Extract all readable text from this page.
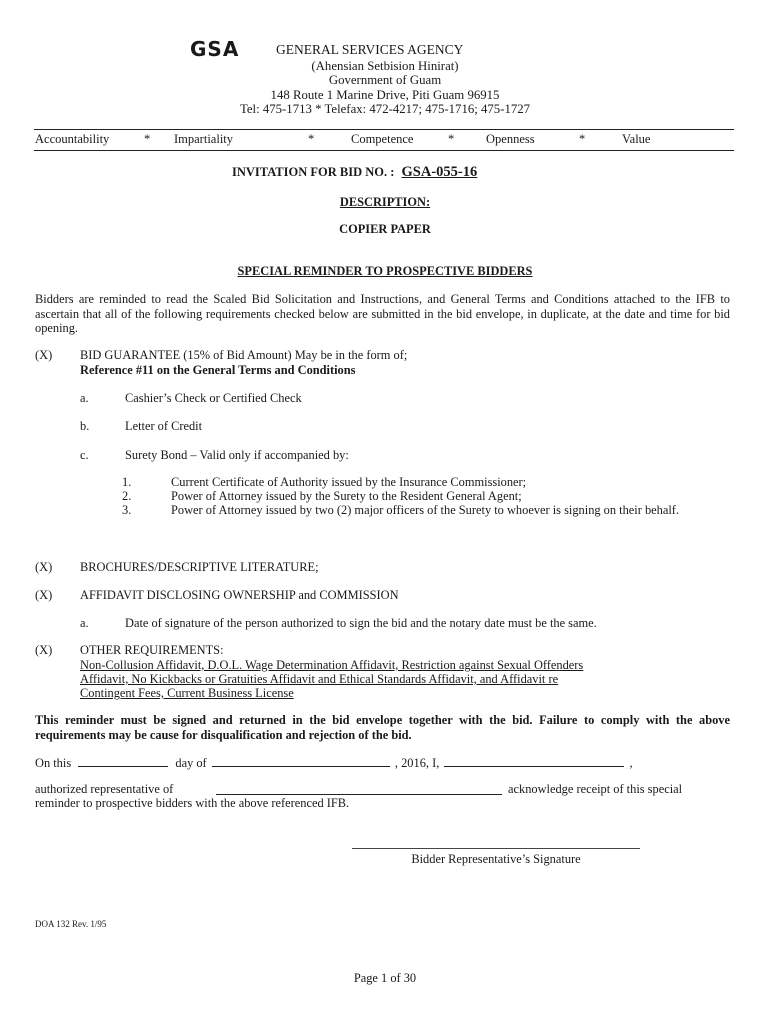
GSA	GENERAL SERVICES AGENCY
(Ahensian Setbision Hinirat)
Government of Guam
148 Route 1 Marine Drive, Piti Guam 96915
Tel: 475-1713 * Telefax: 472-4217; 475-1716; 475-1727
Accountability	* Impartiality	*	Competence	*	Openness	*	Value
INVITATION FOR BID NO. : GSA-055-16
DESCRIPTION:
COPIER PAPER
SPECIAL REMINDER TO PROSPECTIVE BIDDERS
Bidders are reminded to read the Scaled Bid Solicitation and Instructions, and General Terms and Conditions attached to the IFB to ascertain that all of the following requirements checked below are submitted in the bid envelope, in duplicate, at the date and time for bid opening.
(X) BID GUARANTEE (15% of Bid Amount) May be in the form of;
Reference #11 on the General Terms and Conditions
a.	Cashier’s Check or Certified Check
b.	Letter of Credit
c.	Surety Bond – Valid only if accompanied by:
1.	Current Certificate of Authority issued by the Insurance Commissioner;
2.	Power of Attorney issued by the Surety to the Resident General Agent;
3.	Power of Attorney issued by two (2) major officers of the Surety to whoever is signing on their behalf.
(X) BROCHURES/DESCRIPTIVE LITERATURE;
(X) AFFIDAVIT DISCLOSING OWNERSHIP and COMMISSION
a.	Date of signature of the person authorized to sign the bid and the notary date must be the same.
(X) OTHER REQUIREMENTS:
Non-Collusion Affidavit, D.O.L. Wage Determination Affidavit, Restriction against Sexual Offenders
Affidavit, No Kickbacks or Gratuities Affidavit and Ethical Standards Affidavit, and Affidavit re
Contingent Fees, Current Business License
This reminder must be signed and returned in the bid envelope together with the bid. Failure to comply with the above requirements may be cause for disqualification and rejection of the bid.
On this	day of	, 2016, I,	,
authorized representative of	acknowledge receipt of this special
reminder to prospective bidders with the above referenced IFB.
Bidder Representative’s Signature
DOA 132 Rev. 1/95
Page 1 of 30
